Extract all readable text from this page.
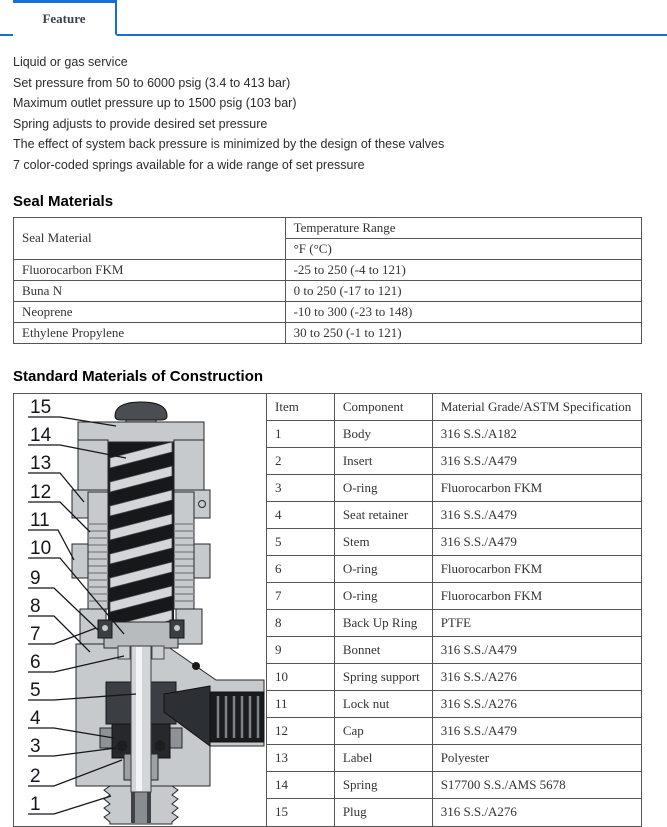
Feature

Liquid or gas service

Set pressure from 50 to 6000 psig (3.4 to 413 bar)

Maximum outlet pressure up to 1500 psig (103 bar)

Spring adjusts to provide desired set pressure

The effect of system back pressure is minimized by the design of these valves

7 color-coded springs available for a wide range of set pressure

Seal Materials
Seal Material	Temperature Range
	°F (°C)
Fluorocarbon FKM	-25 to 250 (-4 to 121)
Buna N	0 to 250 (-17 to 121)
Neoprene	-10 to 300 (-23 to 148)
Ethylene Propylene	30 to 250 (-1 to 121)
Standard Materials of Construction
15
14
13
12
11
10
9
8
7
6
5
4
3
2
1
Item	Component	Material Grade/ASTM Specification
1	Body	316 S.S./A182
2	Insert	316 S.S./A479
3	O-ring	Fluorocarbon FKM
4	Seat retainer	316 S.S./A479
5	Stem	316 S.S./A479
6	O-ring	Fluorocarbon FKM
7	O-ring	Fluorocarbon FKM
8	Back Up Ring	PTFE
9	Bonnet	316 S.S./A479
10	Spring support	316 S.S./A276
11	Lock nut	316 S.S./A276
12	Cap	316 S.S./A479
13	Label	Polyester
14	Spring	S17700 S.S./AMS 5678
15	Plug	316 S.S./A276
